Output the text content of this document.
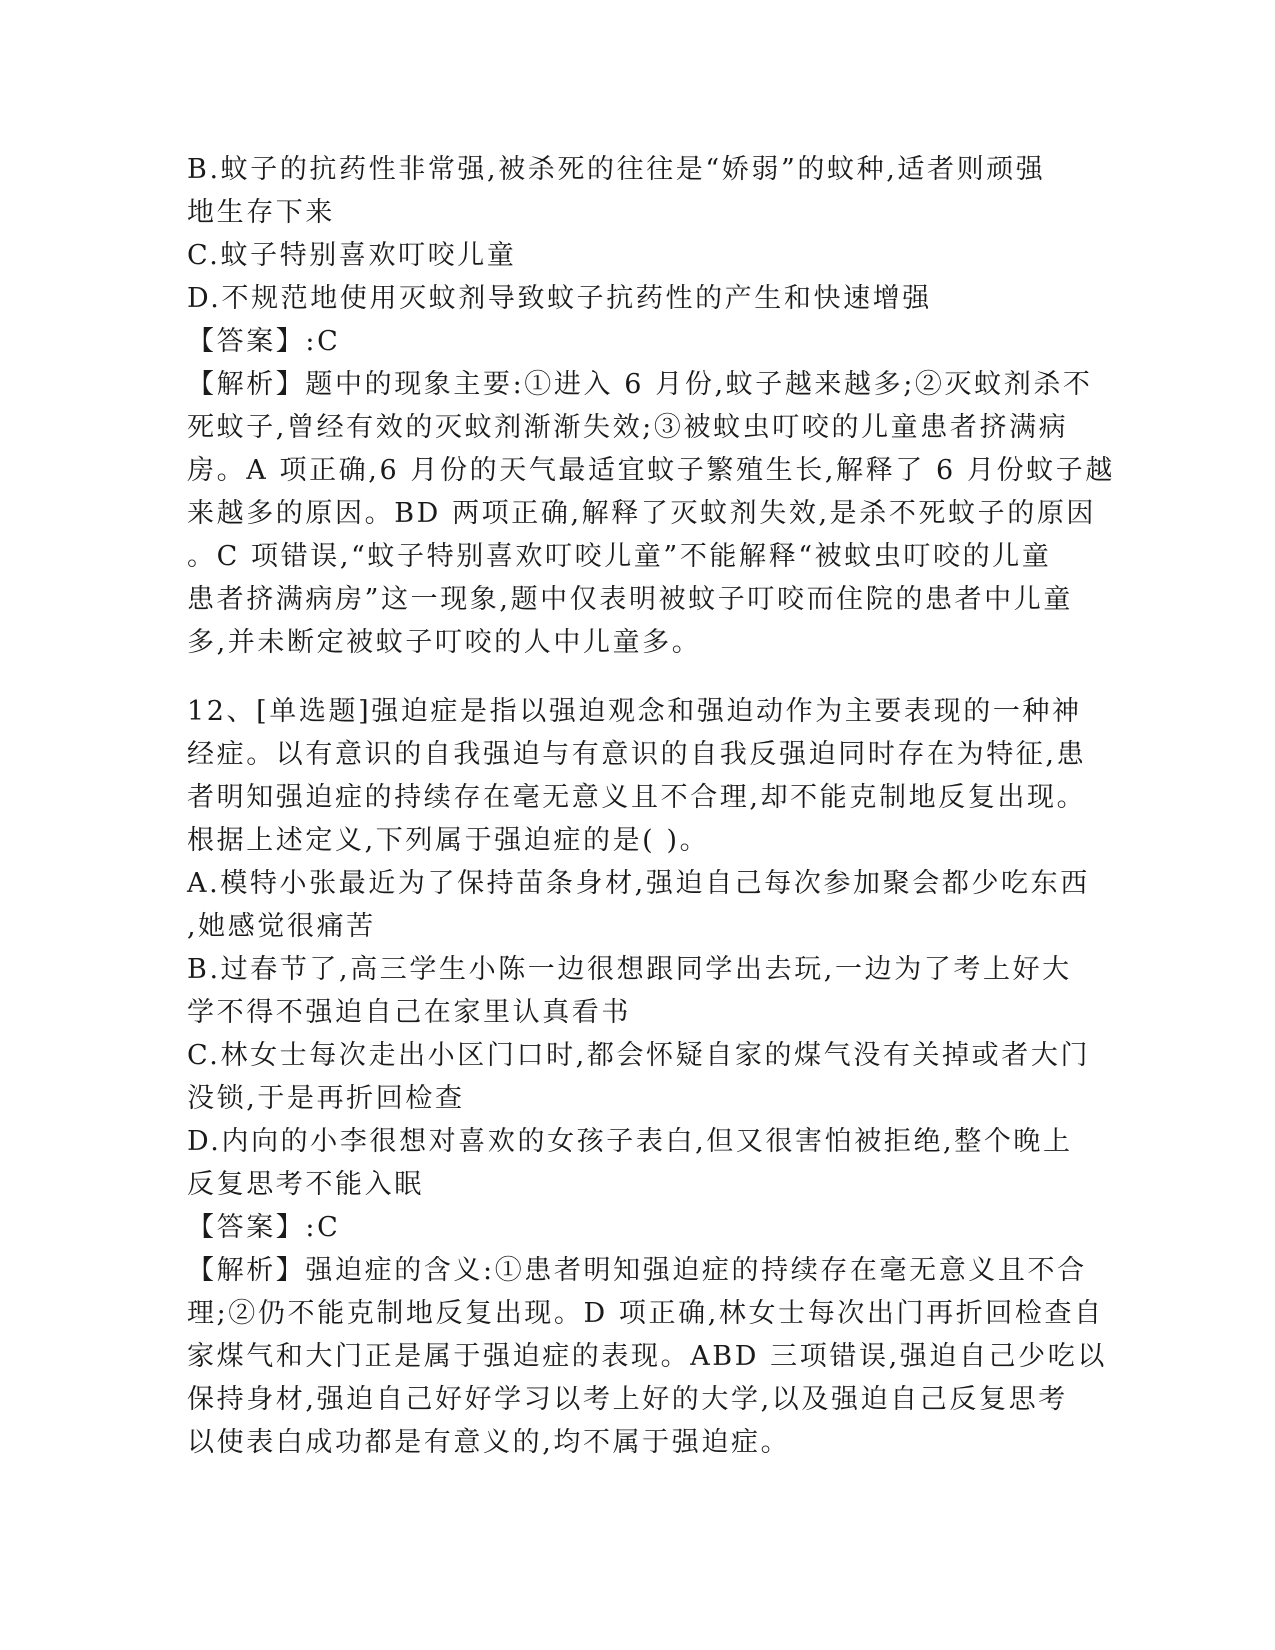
B.蚊子的抗药性非常强,被杀死的往往是“娇弱”的蚊种,适者则顽强
地生存下来
C.蚊子特别喜欢叮咬儿童
D.不规范地使用灭蚊剂导致蚊子抗药性的产生和快速增强
【答案】:C
【解析】题中的现象主要:①进入 6 月份,蚊子越来越多;②灭蚊剂杀不
死蚊子,曾经有效的灭蚊剂渐渐失效;③被蚊虫叮咬的儿童患者挤满病
房。A 项正确,6 月份的天气最适宜蚊子繁殖生长,解释了 6 月份蚊子越
来越多的原因。BD 两项正确,解释了灭蚊剂失效,是杀不死蚊子的原因
。C 项错误,“蚊子特别喜欢叮咬儿童”不能解释“被蚊虫叮咬的儿童
患者挤满病房”这一现象,题中仅表明被蚊子叮咬而住院的患者中儿童
多,并未断定被蚊子叮咬的人中儿童多。
12、[单选题]强迫症是指以强迫观念和强迫动作为主要表现的一种神
经症。以有意识的自我强迫与有意识的自我反强迫同时存在为特征,患
者明知强迫症的持续存在毫无意义且不合理,却不能克制地反复出现。
根据上述定义,下列属于强迫症的是( )。
A.模特小张最近为了保持苗条身材,强迫自己每次参加聚会都少吃东西
,她感觉很痛苦
B.过春节了,高三学生小陈一边很想跟同学出去玩,一边为了考上好大
学不得不强迫自己在家里认真看书
C.林女士每次走出小区门口时,都会怀疑自家的煤气没有关掉或者大门
没锁,于是再折回检查
D.内向的小李很想对喜欢的女孩子表白,但又很害怕被拒绝,整个晚上
反复思考不能入眠
【答案】:C
【解析】强迫症的含义:①患者明知强迫症的持续存在毫无意义且不合
理;②仍不能克制地反复出现。D 项正确,林女士每次出门再折回检查自
家煤气和大门正是属于强迫症的表现。ABD 三项错误,强迫自己少吃以
保持身材,强迫自己好好学习以考上好的大学,以及强迫自己反复思考
以使表白成功都是有意义的,均不属于强迫症。
